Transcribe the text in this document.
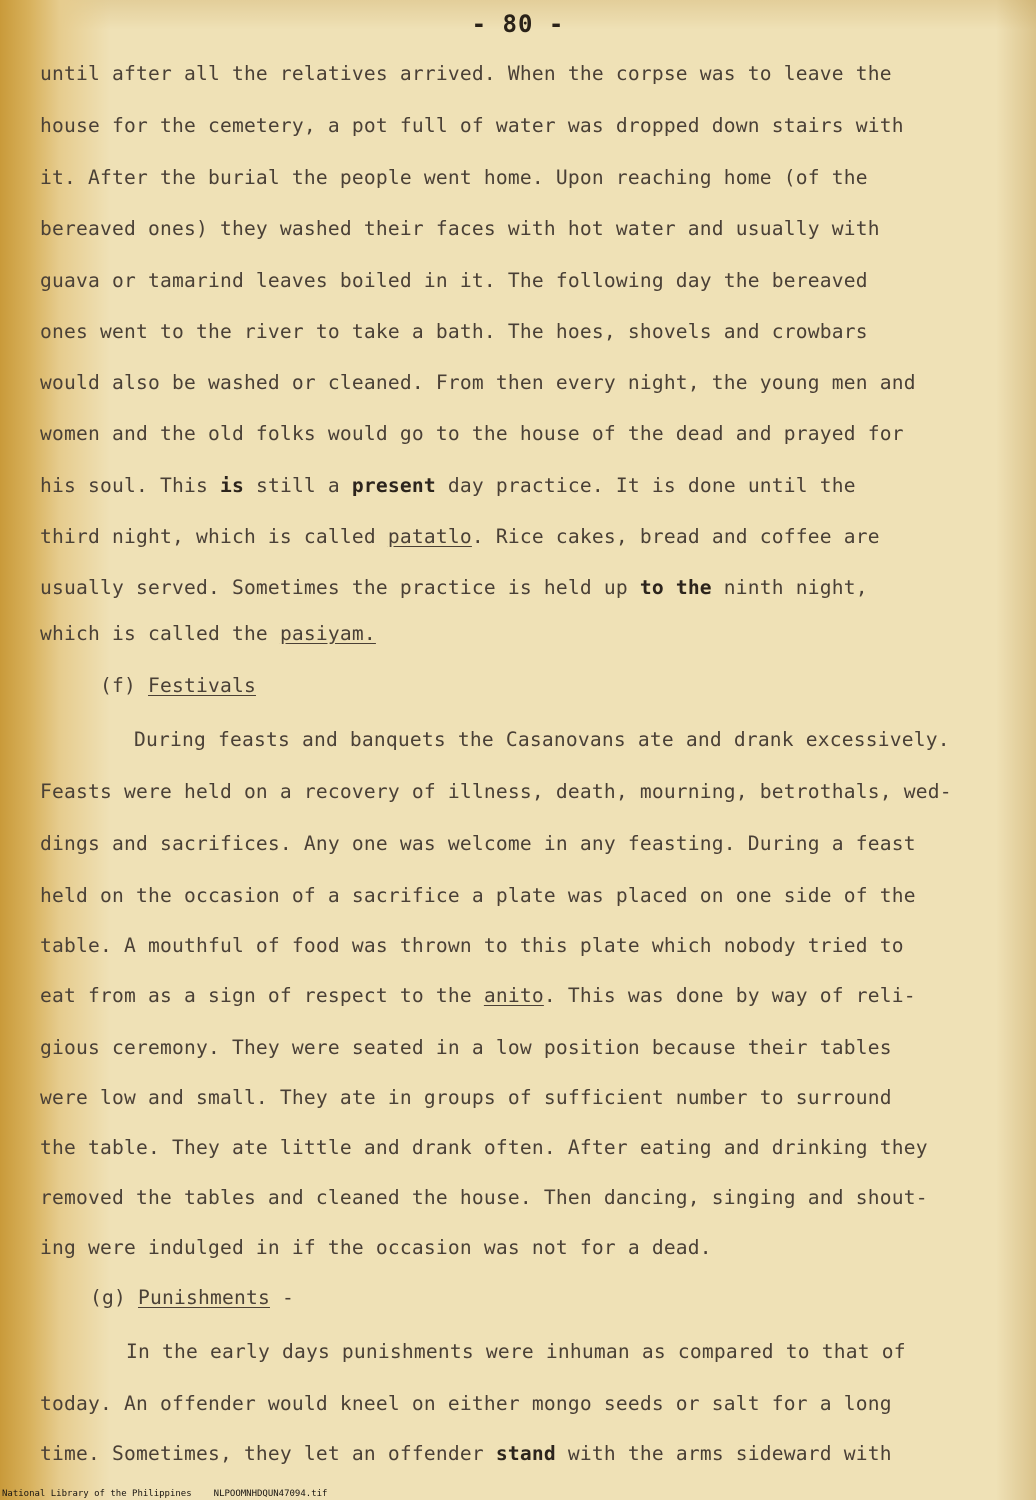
- 80 -
until after all the relatives arrived. When the corpse was to leave the
house for the cemetery, a pot full of water was dropped down stairs with
it. After the burial the people went home. Upon reaching home (of the
bereaved ones) they washed their faces with hot water and usually with
guava or tamarind leaves boiled in it. The following day the bereaved
ones went to the river to take a bath. The hoes, shovels and crowbars
would also be washed or cleaned. From then every night, the young men and
women and the old folks would go to the house of the dead and prayed for
his soul. This is still a present day practice. It is done until the
third night, which is called patatlo. Rice cakes, bread and coffee are
usually served. Sometimes the practice is held up to the ninth night,
which is called the pasiyam.
(f) Festivals
During feasts and banquets the Casanovans ate and drank excessively.
Feasts were held on a recovery of illness, death, mourning, betrothals, wed-
dings and sacrifices. Any one was welcome in any feasting. During a feast
held on the occasion of a sacrifice a plate was placed on one side of the
table. A mouthful of food was thrown to this plate which nobody tried to
eat from as a sign of respect to the anito. This was done by way of reli-
gious ceremony. They were seated in a low position because their tables
were low and small. They ate in groups of sufficient number to surround
the table. They ate little and drank often. After eating and drinking they
removed the tables and cleaned the house. Then dancing, singing and shout-
ing were indulged in if the occasion was not for a dead.
(g) Punishments -
In the early days punishments were inhuman as compared to that of
today. An offender would kneel on either mongo seeds or salt for a long
time. Sometimes, they let an offender stand with the arms sideward with
National Library of the Philippines NLPOOMNHDQUN47094.tif
